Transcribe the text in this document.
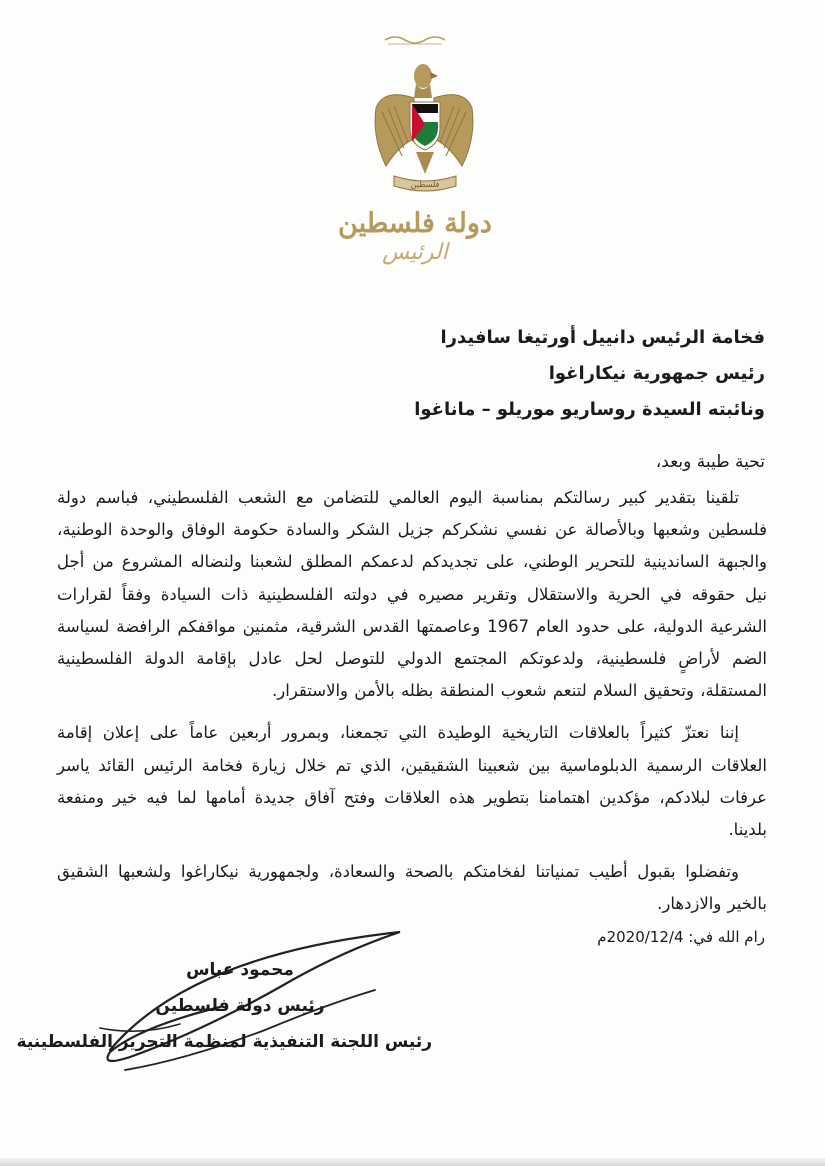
فلسطين
دولة فلسطين
الرئيس
فخامة الرئيس دانييل أورتيغا سافيدرا
رئيس جمهورية نيكاراغوا
ونائبته السيدة روساريو موريلو – ماناغوا
تحية طيبة وبعد،

تلقينا بتقدير كبير رسالتكم بمناسبة اليوم العالمي للتضامن مع الشعب الفلسطيني، فباسم دولة فلسطين وشعبها وبالأصالة عن نفسي نشكركم جزيل الشكر والسادة حكومة الوفاق والوحدة الوطنية، والجبهة الساندينية للتحرير الوطني، على تجديدكم لدعمكم المطلق لشعبنا ولنضاله المشروع من أجل نيل حقوقه في الحرية والاستقلال وتقرير مصيره في دولته الفلسطينية ذات السيادة وفقاً لقرارات الشرعية الدولية، على حدود العام 1967 وعاصمتها القدس الشرقية، مثمنين مواقفكم الرافضة لسياسة الضم لأراضٍ فلسطينية، ولدعوتكم المجتمع الدولي للتوصل لحل عادل بإقامة الدولة الفلسطينية المستقلة، وتحقيق السلام لتنعم شعوب المنطقة بظله بالأمن والاستقرار.

إننا نعتزّ كثيراً بالعلاقات التاريخية الوطيدة التي تجمعنا، وبمرور أربعين عاماً على إعلان إقامة العلاقات الرسمية الدبلوماسية بين شعبينا الشقيقين، الذي تم خلال زيارة فخامة الرئيس القائد ياسر عرفات لبلادكم، مؤكدين اهتمامنا بتطوير هذه العلاقات وفتح آفاق جديدة أمامها لما فيه خير ومنفعة بلدينا.

وتفضلوا بقبول أطيب تمنياتنا لفخامتكم بالصحة والسعادة، ولجمهورية نيكاراغوا ولشعبها الشقيق بالخير والازدهار.

رام الله في: 2020/12/4م
محمود عباس
رئيس دولة فلسطين
رئيس اللجنة التنفيذية لمنظمة التحرير الفلسطينية
